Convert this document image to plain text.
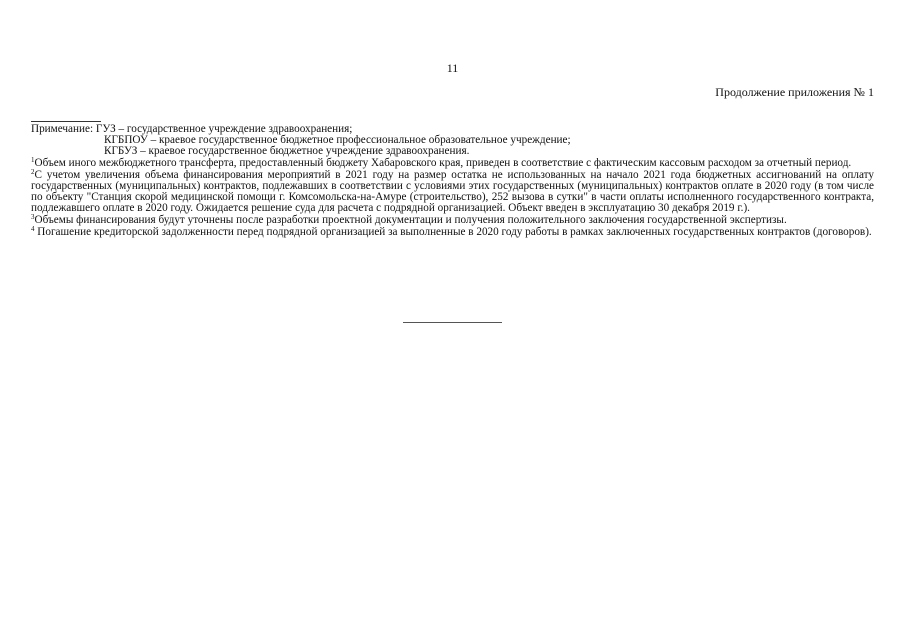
11
Продолжение приложения № 1
Примечание: ГУЗ – государственное учреждение здравоохранения;
КГБПОУ – краевое государственное бюджетное профессиональное образовательное учреждение;
КГБУЗ – краевое государственное бюджетное учреждение здравоохранения.
$^1$Объем иного межбюджетного трансферта, предоставленный бюджету Хабаровского края, приведен в соответствие с фактическим кассовым расходом за отчетный период.
$^2$С учетом увеличения объема финансирования мероприятий в 2021 году на размер остатка не использованных на начало 2021 года бюджетных ассигнований на оплату государственных (муниципальных) контрактов, подлежавших в соответствии с условиями этих государственных (муниципальных) контрактов оплате в 2020 году (в том числе по объекту "Станция скорой медицинской помощи г. Комсомольска-на-Амуре (строительство), 252 вызова в сутки" в части оплаты исполненного государственного контракта, подлежавшего оплате в 2020 году. Ожидается решение суда для расчета с подрядной организацией. Объект введен в эксплуатацию 30 декабря 2019 г.).
$^3$Объемы финансирования будут уточнены после разработки проектной документации и получения положительного заключения государственной экспертизы.
$^4$ Погашение кредиторской задолженности перед подрядной организацией за выполненные в 2020 году работы в рамках заключенных государственных контрактов (договоров).
